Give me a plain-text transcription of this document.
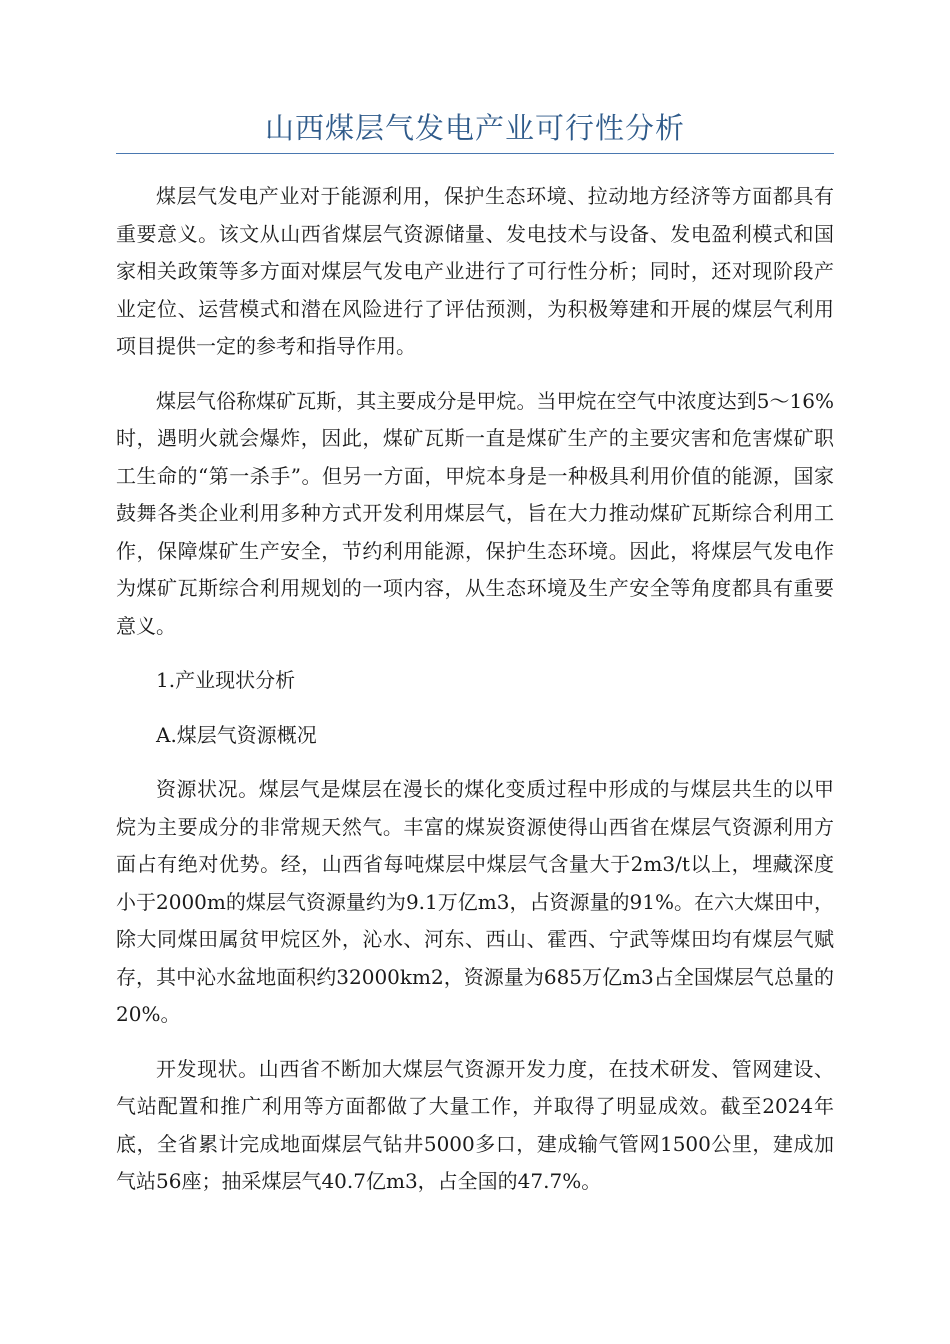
山西煤层气发电产业可行性分析

煤层气发电产业对于能源利用，保护生态环境、拉动地方经济等方面都具有重要意义。该文从山西省煤层气资源储量、发电技术与设备、发电盈利模式和国家相关政策等多方面对煤层气发电产业进行了可行性分析；同时，还对现阶段产业定位、运营模式和潜在风险进行了评估预测，为积极筹建和开展的煤层气利用项目提供一定的参考和指导作用。

煤层气俗称煤矿瓦斯，其主要成分是甲烷。当甲烷在空气中浓度达到5～16%时，遇明火就会爆炸，因此，煤矿瓦斯一直是煤矿生产的主要灾害和危害煤矿职工生命的“第一杀手”。但另一方面，甲烷本身是一种极具利用价值的能源，国家鼓舞各类企业利用多种方式开发利用煤层气，旨在大力推动煤矿瓦斯综合利用工作，保障煤矿生产安全，节约利用能源，保护生态环境。因此，将煤层气发电作为煤矿瓦斯综合利用规划的一项内容，从生态环境及生产安全等角度都具有重要意义。

1.产业现状分析

A.煤层气资源概况

资源状况。煤层气是煤层在漫长的煤化变质过程中形成的与煤层共生的以甲烷为主要成分的非常规天然气。丰富的煤炭资源使得山西省在煤层气资源利用方面占有绝对优势。经，山西省每吨煤层中煤层气含量大于2m3/t以上，埋藏深度小于2000m的煤层气资源量约为9.1万亿m3，占资源量的91%。在六大煤田中，除大同煤田属贫甲烷区外，沁水、河东、西山、霍西、宁武等煤田均有煤层气赋存，其中沁水盆地面积约32000km2，资源量为685万亿m3占全国煤层气总量的20%。

开发现状。山西省不断加大煤层气资源开发力度，在技术研发、管网建设、气站配置和推广利用等方面都做了大量工作，并取得了明显成效。截至2024年底，全省累计完成地面煤层气钻井5000多口，建成输气管网1500公里，建成加气站56座；抽采煤层气40.7亿m3，占全国的47.7%。
